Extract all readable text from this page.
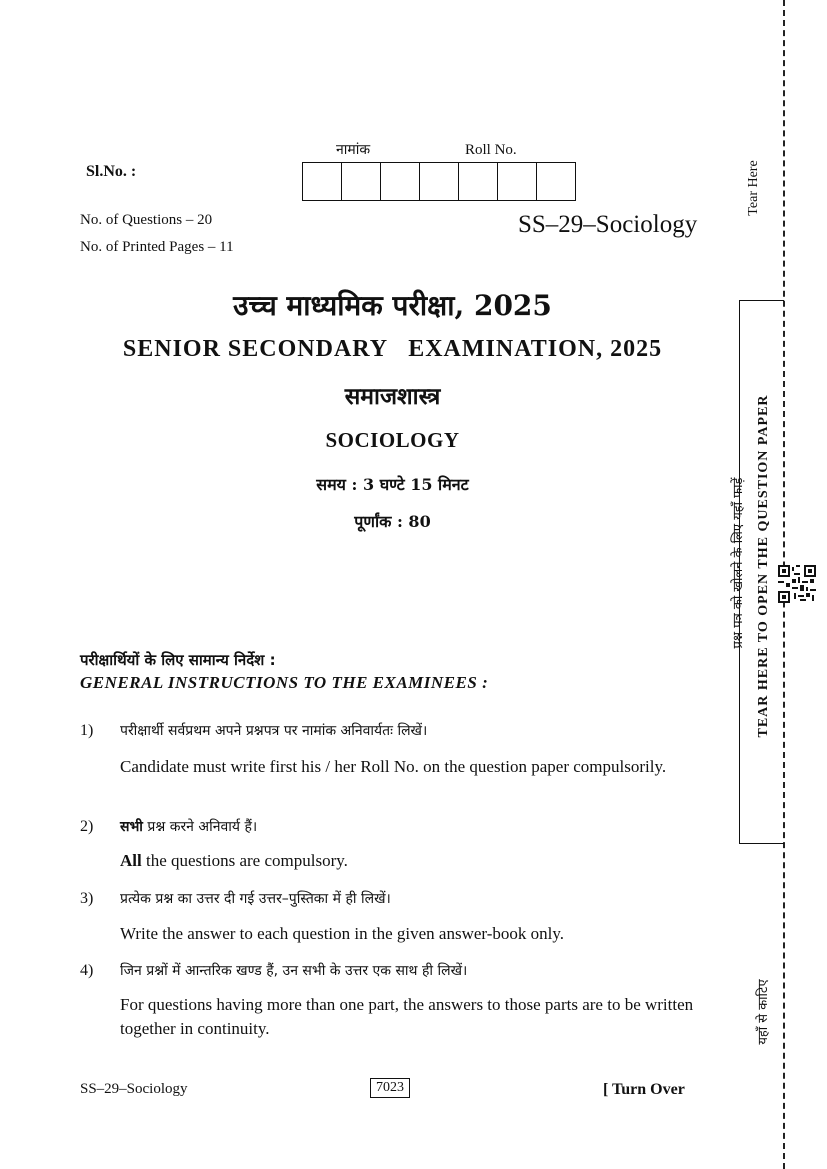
Sl.No. :
नामांक	Roll No.
No. of Questions – 20
No. of Printed Pages – 11
SS–29–Sociology
उच्च माध्यमिक परीक्षा, 2025
SENIOR SECONDARY   EXAMINATION, 2025
समाजशास्त्र
SOCIOLOGY
समय : 3 घण्टे 15 मिनट
पूर्णांक : 80
परीक्षार्थियों के लिए सामान्य निर्देश :
GENERAL INSTRUCTIONS TO THE EXAMINEES :
1) परीक्षार्थी सर्वप्रथम अपने प्रश्नपत्र पर नामांक अनिवार्यतः लिखें।
Candidate must write first his / her Roll No. on the question paper compulsorily.
2) सभी प्रश्न करने अनिवार्य हैं।
All the questions are compulsory.
3) प्रत्येक प्रश्न का उत्तर दी गई उत्तर–पुस्तिका में ही लिखें।
Write the answer to each question in the given answer-book only.
4) जिन प्रश्नों में आन्तरिक खण्ड हैं, उन सभी के उत्तर एक साथ ही लिखें।
For questions having more than one part, the answers to those parts are to be written together in continuity.
SS–29–Sociology	7023	[ Turn Over
Tear Here
प्रश्न पत्र को खोलने के लिए यहाँ फाड़ें TEAR HERE TO OPEN THE QUESTION PAPER
यहाँ से काटिए
